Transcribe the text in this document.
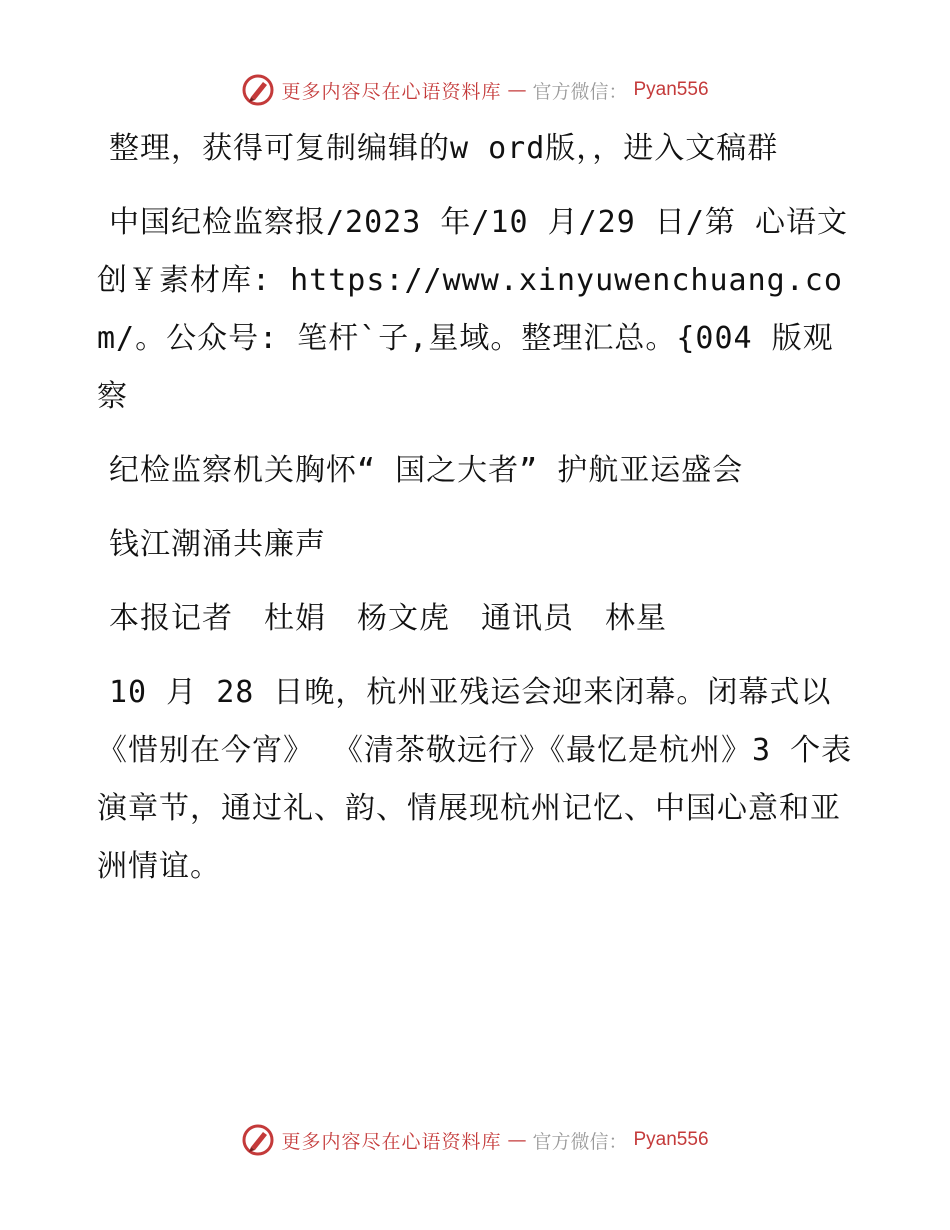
更多内容尽在心语资料库 — 官方微信： Pyan556

整理，获得可复制编辑的w ord版，，进入文稿群

中国纪检监察报/2023 年/10 月/29 日/第 心语文创￥素材库: https://www.xinyuwenchuang.com/。公众号: 笔杆`子,星域。整理汇总。{004 版观察

纪检监察机关胸怀“ 国之大者” 护航亚运盛会

钱江潮涌共廉声

本报记者　杜娟　杨文虎　通讯员　林星

10 月 28 日晚，杭州亚残运会迎来闭幕。闭幕式以《惜别在今宵》 《清茶敬远行》《最忆是杭州》3 个表演章节，通过礼、韵、情展现杭州记忆、中国心意和亚洲情谊。

更多内容尽在心语资料库 — 官方微信： Pyan556
